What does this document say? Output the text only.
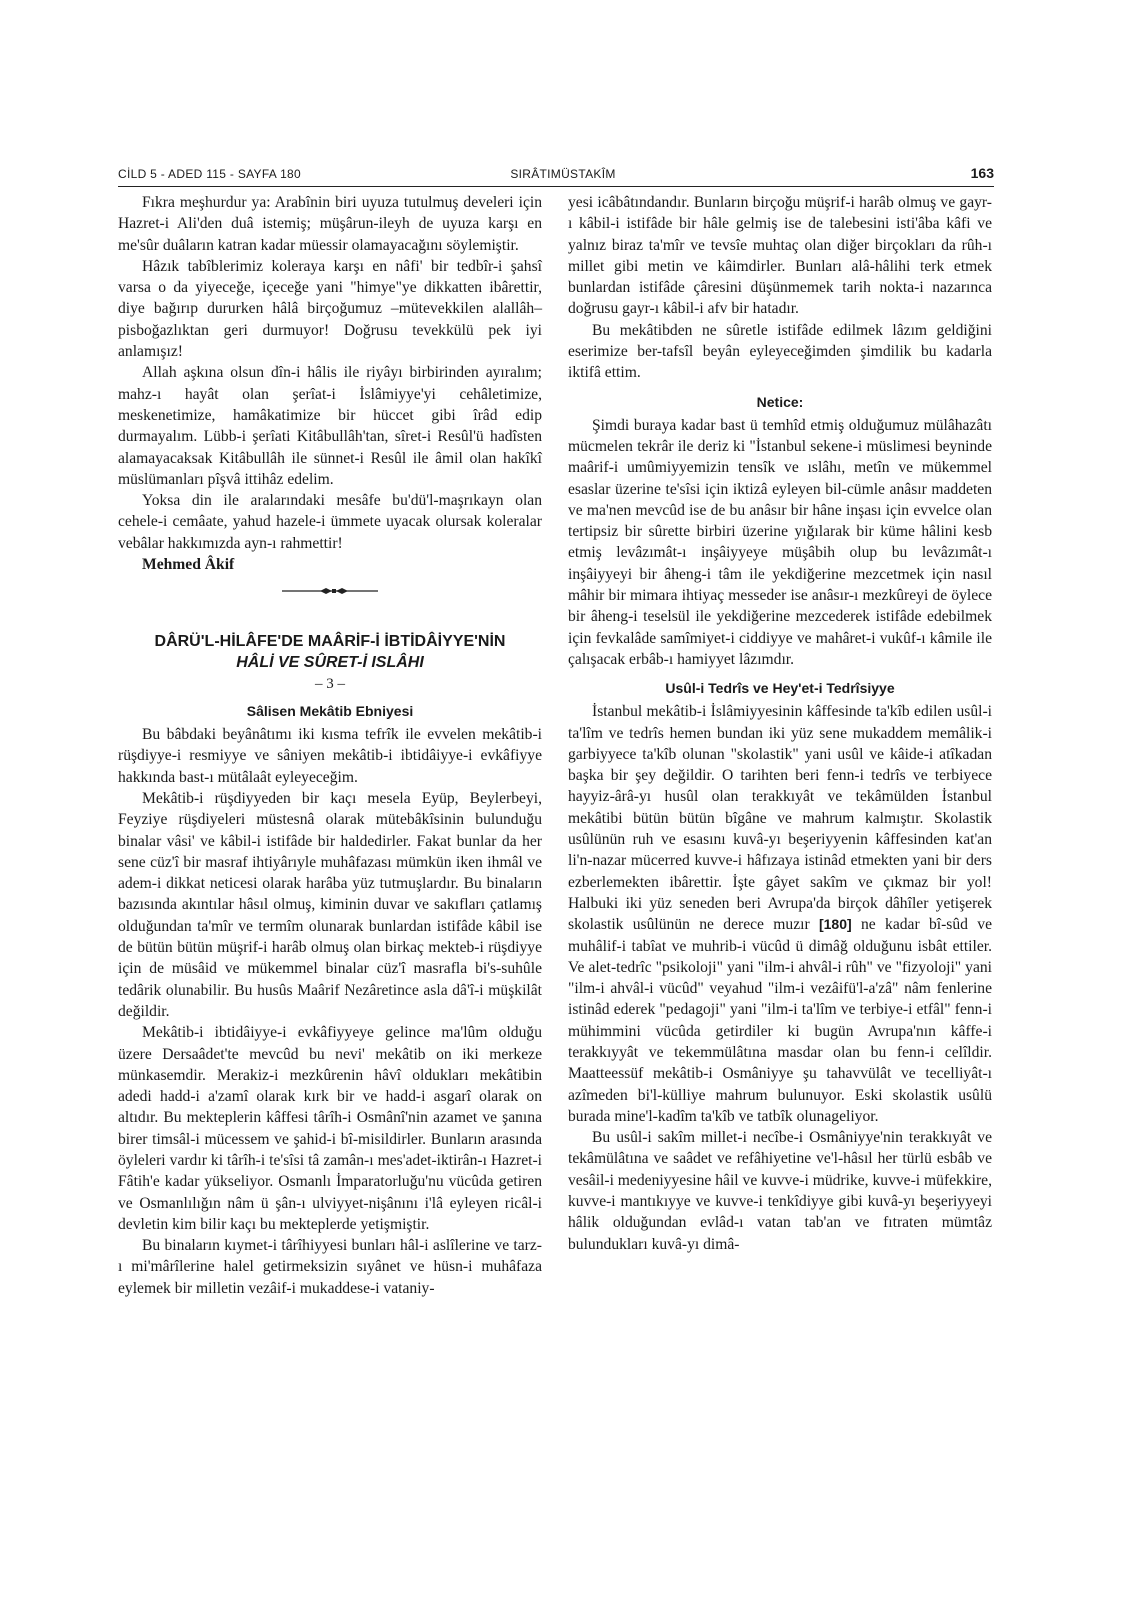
CİLD 5 - ADED 115 - SAYFA 180	SIRÂTIMÜSTAKÎM	163

Fıkra meşhurdur ya: Arabînin biri uyuza tutulmuş develeri için Hazret-i Ali'den duâ istemiş; müşârun-ileyh de uyuza karşı en me'sûr duâların katran kadar müessir olamayacağını söylemiştir.

Hâzık tabîblerimiz koleraya karşı en nâfi' bir tedbîr-i şahsî varsa o da yiyeceğe, içeceğe yani "himye"ye dikkatten ibârettir, diye bağırıp dururken hâlâ birçoğumuz –mütevekkilen alallâh– pisboğazlıktan geri durmuyor! Doğrusu tevekkülü pek iyi anlamışız!

Allah aşkına olsun dîn-i hâlis ile riyâyı birbirinden ayıralım; mahz-ı hayât olan şerîat-i İslâmiyye'yi cehâletimize, meskenetimize, hamâkatimize bir hüccet gibi îrâd edip durmayalım. Lübb-i şerîati Kitâbullâh'tan, sîret-i Resûl'ü hadîsten alamayacaksak Kitâbullâh ile sünnet-i Resûl ile âmil olan hakîkî müslümanları pîşvâ ittihâz edelim.

Yoksa din ile aralarındaki mesâfe bu'dü'l-maşrıkayn olan cehele-i cemâate, yahud hazele-i ümmete uyacak olursak koleralar vebâlar hakkımızda ayn-ı rahmettir!

Mehmed Âkif

DÂRÜ'L-HİLÂFE'DE MAÂRİF-İ İBTİDÂİYYE'NİN
HÂLİ VE SÛRET-İ ISLÂHI
– 3 –
Sâlisen Mekâtib Ebniyesi

Bu bâbdaki beyânâtımı iki kısma tefrîk ile evvelen mekâtib-i rüşdiyye-i resmiyye ve sâniyen mekâtib-i ibtidâiyye-i evkâfiyye hakkında bast-ı mütâlaât eyleyeceğim.

Mekâtib-i rüşdiyyeden bir kaçı mesela Eyüp, Beylerbeyi, Feyziye rüşdiyeleri müstesnâ olarak mütebâkîsinin bulunduğu binalar vâsi' ve kâbil-i istifâde bir haldedirler. Fakat bunlar da her sene cüz'î bir masraf ihtiyârıyle muhâfazası mümkün iken ihmâl ve adem-i dikkat neticesi olarak harâba yüz tutmuşlardır. Bu binaların bazısında akıntılar hâsıl olmuş, kiminin duvar ve sakıfları çatlamış olduğundan ta'mîr ve termîm olunarak bunlardan istifâde kâbil ise de bütün bütün müşrif-i harâb olmuş olan birkaç mekteb-i rüşdiyye için de müsâid ve mükemmel binalar cüz'î masrafla bi's-suhûle tedârik olunabilir. Bu husûs Maârif Nezâretince asla dâ'î-i müşkilât değildir.

Mekâtib-i ibtidâiyye-i evkâfiyyeye gelince ma'lûm olduğu üzere Dersaâdet'te mevcûd bu nevi' mekâtib on iki merkeze münkasemdir. Merakiz-i mezkûrenin hâvî oldukları mekâtibin adedi hadd-i a'zamî olarak kırk bir ve hadd-i asgarî olarak on altıdır. Bu mekteplerin kâffesi târîh-i Osmânî'nin azamet ve şanına birer timsâl-i mücessem ve şahid-i bî-misildirler. Bunların arasında öyleleri vardır ki târîh-i te'sîsi tâ zamân-ı mes'adet-iktirân-ı Hazret-i Fâtih'e kadar yükseliyor. Osmanlı İmparatorluğu'nu vücûda getiren ve Osmanlılığın nâm ü şân-ı ulviyyet-nişânını i'lâ eyleyen ricâl-i devletin kim bilir kaçı bu mekteplerde yetişmiştir.

Bu binaların kıymet-i târîhiyyesi bunları hâl-i aslîlerine ve tarz-ı mi'mârîlerine halel getirmeksizin sıyânet ve hüsn-i muhâfaza eylemek bir milletin vezâif-i mukaddese-i vataniy-

yesi icâbâtındandır. Bunların birçoğu müşrif-i harâb olmuş ve gayr-ı kâbil-i istifâde bir hâle gelmiş ise de talebesini isti'âba kâfi ve yalnız biraz ta'mîr ve tevsîe muhtaç olan diğer birçokları da rûh-ı millet gibi metin ve kâimdirler. Bunları alâ-hâlihi terk etmek bunlardan istifâde çâresini düşünmemek tarih nokta-i nazarınca doğrusu gayr-ı kâbil-i afv bir hatadır.

Bu mekâtibden ne sûretle istifâde edilmek lâzım geldiğini eserimize ber-tafsîl beyân eyleyeceğimden şimdilik bu kadarla iktifâ ettim.

Netice:

Şimdi buraya kadar bast ü temhîd etmiş olduğumuz mülâhazâtı mücmelen tekrâr ile deriz ki "İstanbul sekene-i müslimesi beyninde maârif-i umûmiyyemizin tensîk ve ıslâhı, metîn ve mükemmel esaslar üzerine te'sîsi için iktizâ eyleyen bil-cümle anâsır maddeten ve ma'nen mevcûd ise de bu anâsır bir hâne inşası için evvelce olan tertipsiz bir sûrette birbiri üzerine yığılarak bir küme hâlini kesb etmiş levâzımât-ı inşâiyyeye müşâbih olup bu levâzımât-ı inşâiyyeyi bir âheng-i tâm ile yekdiğerine mezcetmek için nasıl mâhir bir mimara ihtiyaç messeder ise anâsır-ı mezkûreyi de öylece bir âheng-i teselsül ile yekdiğerine mezcederek istifâde edebilmek için fevkalâde samîmiyet-i ciddiyye ve mahâret-i vukûf-ı kâmile ile çalışacak erbâb-ı hamiyyet lâzımdır.

Usûl-i Tedrîs ve Hey'et-i Tedrîsiyye

İstanbul mekâtib-i İslâmiyyesinin kâffesinde ta'kîb edilen usûl-i ta'lîm ve tedrîs hemen bundan iki yüz sene mukaddem memâlik-i garbiyyece ta'kîb olunan "skolastik" yani usûl ve kâide-i atîkadan başka bir şey değildir. O tarihten beri fenn-i tedrîs ve terbiyece hayyiz-ârâ-yı husûl olan terakkıyât ve tekâmülden İstanbul mekâtibi bütün bütün bîgâne ve mahrum kalmıştır. Skolastik usûlünün ruh ve esasını kuvâ-yı beşeriyyenin kâffesinden kat'an li'n-nazar mücerred kuvve-i hâfızaya istinâd etmekten yani bir ders ezberlemekten ibârettir. İşte gâyet sakîm ve çıkmaz bir yol! Halbuki iki yüz seneden beri Avrupa'da birçok dâhîler yetişerek skolastik usûlünün ne derece muzır [180] ne kadar bî-sûd ve muhâlif-i tabîat ve muhrib-i vücûd ü dimâğ olduğunu isbât ettiler. Ve alet-tedrîc "psikoloji" yani "ilm-i ahvâl-i rûh" ve "fizyoloji" yani "ilm-i ahvâl-i vücûd" veyahud "ilm-i vezâifü'l-a'zâ" nâm fenlerine istinâd ederek "pedagoji" yani "ilm-i ta'lîm ve terbiye-i etfâl" fenn-i mühimmini vücûda getirdiler ki bugün Avrupa'nın kâffe-i terakkıyyât ve tekemmülâtına masdar olan bu fenn-i celîldir. Maatteessüf mekâtib-i Osmâniyye şu tahavvülât ve tecelliyât-ı azîmeden bi'l-külliye mahrum bulunuyor. Eski skolastik usûlü burada mine'l-kadîm ta'kîb ve tatbîk olunageliyor.

Bu usûl-i sakîm millet-i necîbe-i Osmâniyye'nin terakkıyât ve tekâmülâtına ve saâdet ve refâhiyetine ve'l-hâsıl her türlü esbâb ve vesâil-i medeniyyesine hâil ve kuvve-i müdrike, kuvve-i müfekkire, kuvve-i mantıkıyye ve kuvve-i tenkîdiyye gibi kuvâ-yı beşeriyyeyi hâlik olduğundan evlâd-ı vatan tab'an ve fıtraten mümtâz bulundukları kuvâ-yı dimâ-
